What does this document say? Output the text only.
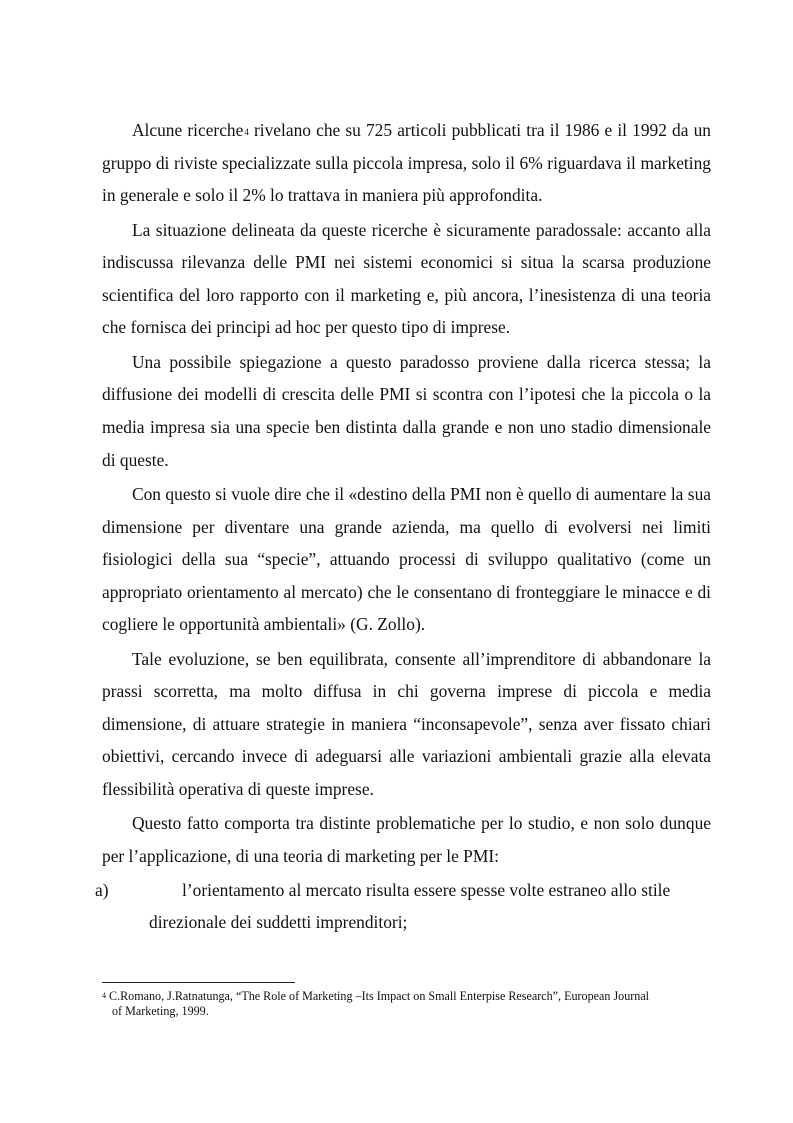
Alcune ricerche$^4$ rivelano che su 725 articoli pubblicati tra il 1986 e il 1992 da un gruppo di riviste specializzate sulla piccola impresa, solo il 6% riguardava il marketing in generale e solo il 2% lo trattava in maniera più approfondita.

La situazione delineata da queste ricerche è sicuramente paradossale: accanto alla indiscussa rilevanza delle PMI nei sistemi economici si situa la scarsa produzione scientifica del loro rapporto con il marketing e, più ancora, l’inesistenza di una teoria che fornisca dei principi ad hoc per questo tipo di imprese.

Una possibile spiegazione a questo paradosso proviene dalla ricerca stessa; la diffusione dei modelli di crescita delle PMI si scontra con l’ipotesi che la piccola o la media impresa sia una specie ben distinta dalla grande e non uno stadio dimensionale di queste.

Con questo si vuole dire che il «destino della PMI non è quello di aumentare la sua dimensione per diventare una grande azienda, ma quello di evolversi nei limiti fisiologici della sua “specie”, attuando processi di sviluppo qualitativo (come un appropriato orientamento al mercato) che le consentano di fronteggiare le minacce e di cogliere le opportunità ambientali» (G. Zollo).

Tale evoluzione, se ben equilibrata, consente all’imprenditore di abbandonare la prassi scorretta, ma molto diffusa in chi governa imprese di piccola e media dimensione, di attuare strategie in maniera “inconsapevole”, senza aver fissato chiari obiettivi, cercando invece di adeguarsi alle variazioni ambientali grazie alla elevata flessibilità operativa di queste imprese.

Questo fatto comporta tra distinte problematiche per lo studio, e non solo dunque per l’applicazione, di una teoria di marketing per le PMI:

a)	l’orientamento al mercato risulta essere spesse volte estraneo allo stile
direzionale dei suddetti imprenditori;
$^4$ C.Romano, J.Ratnatunga, “The Role of Marketing –Its Impact on Small Enterpise Research”, European Journal
of Marketing, 1999.
